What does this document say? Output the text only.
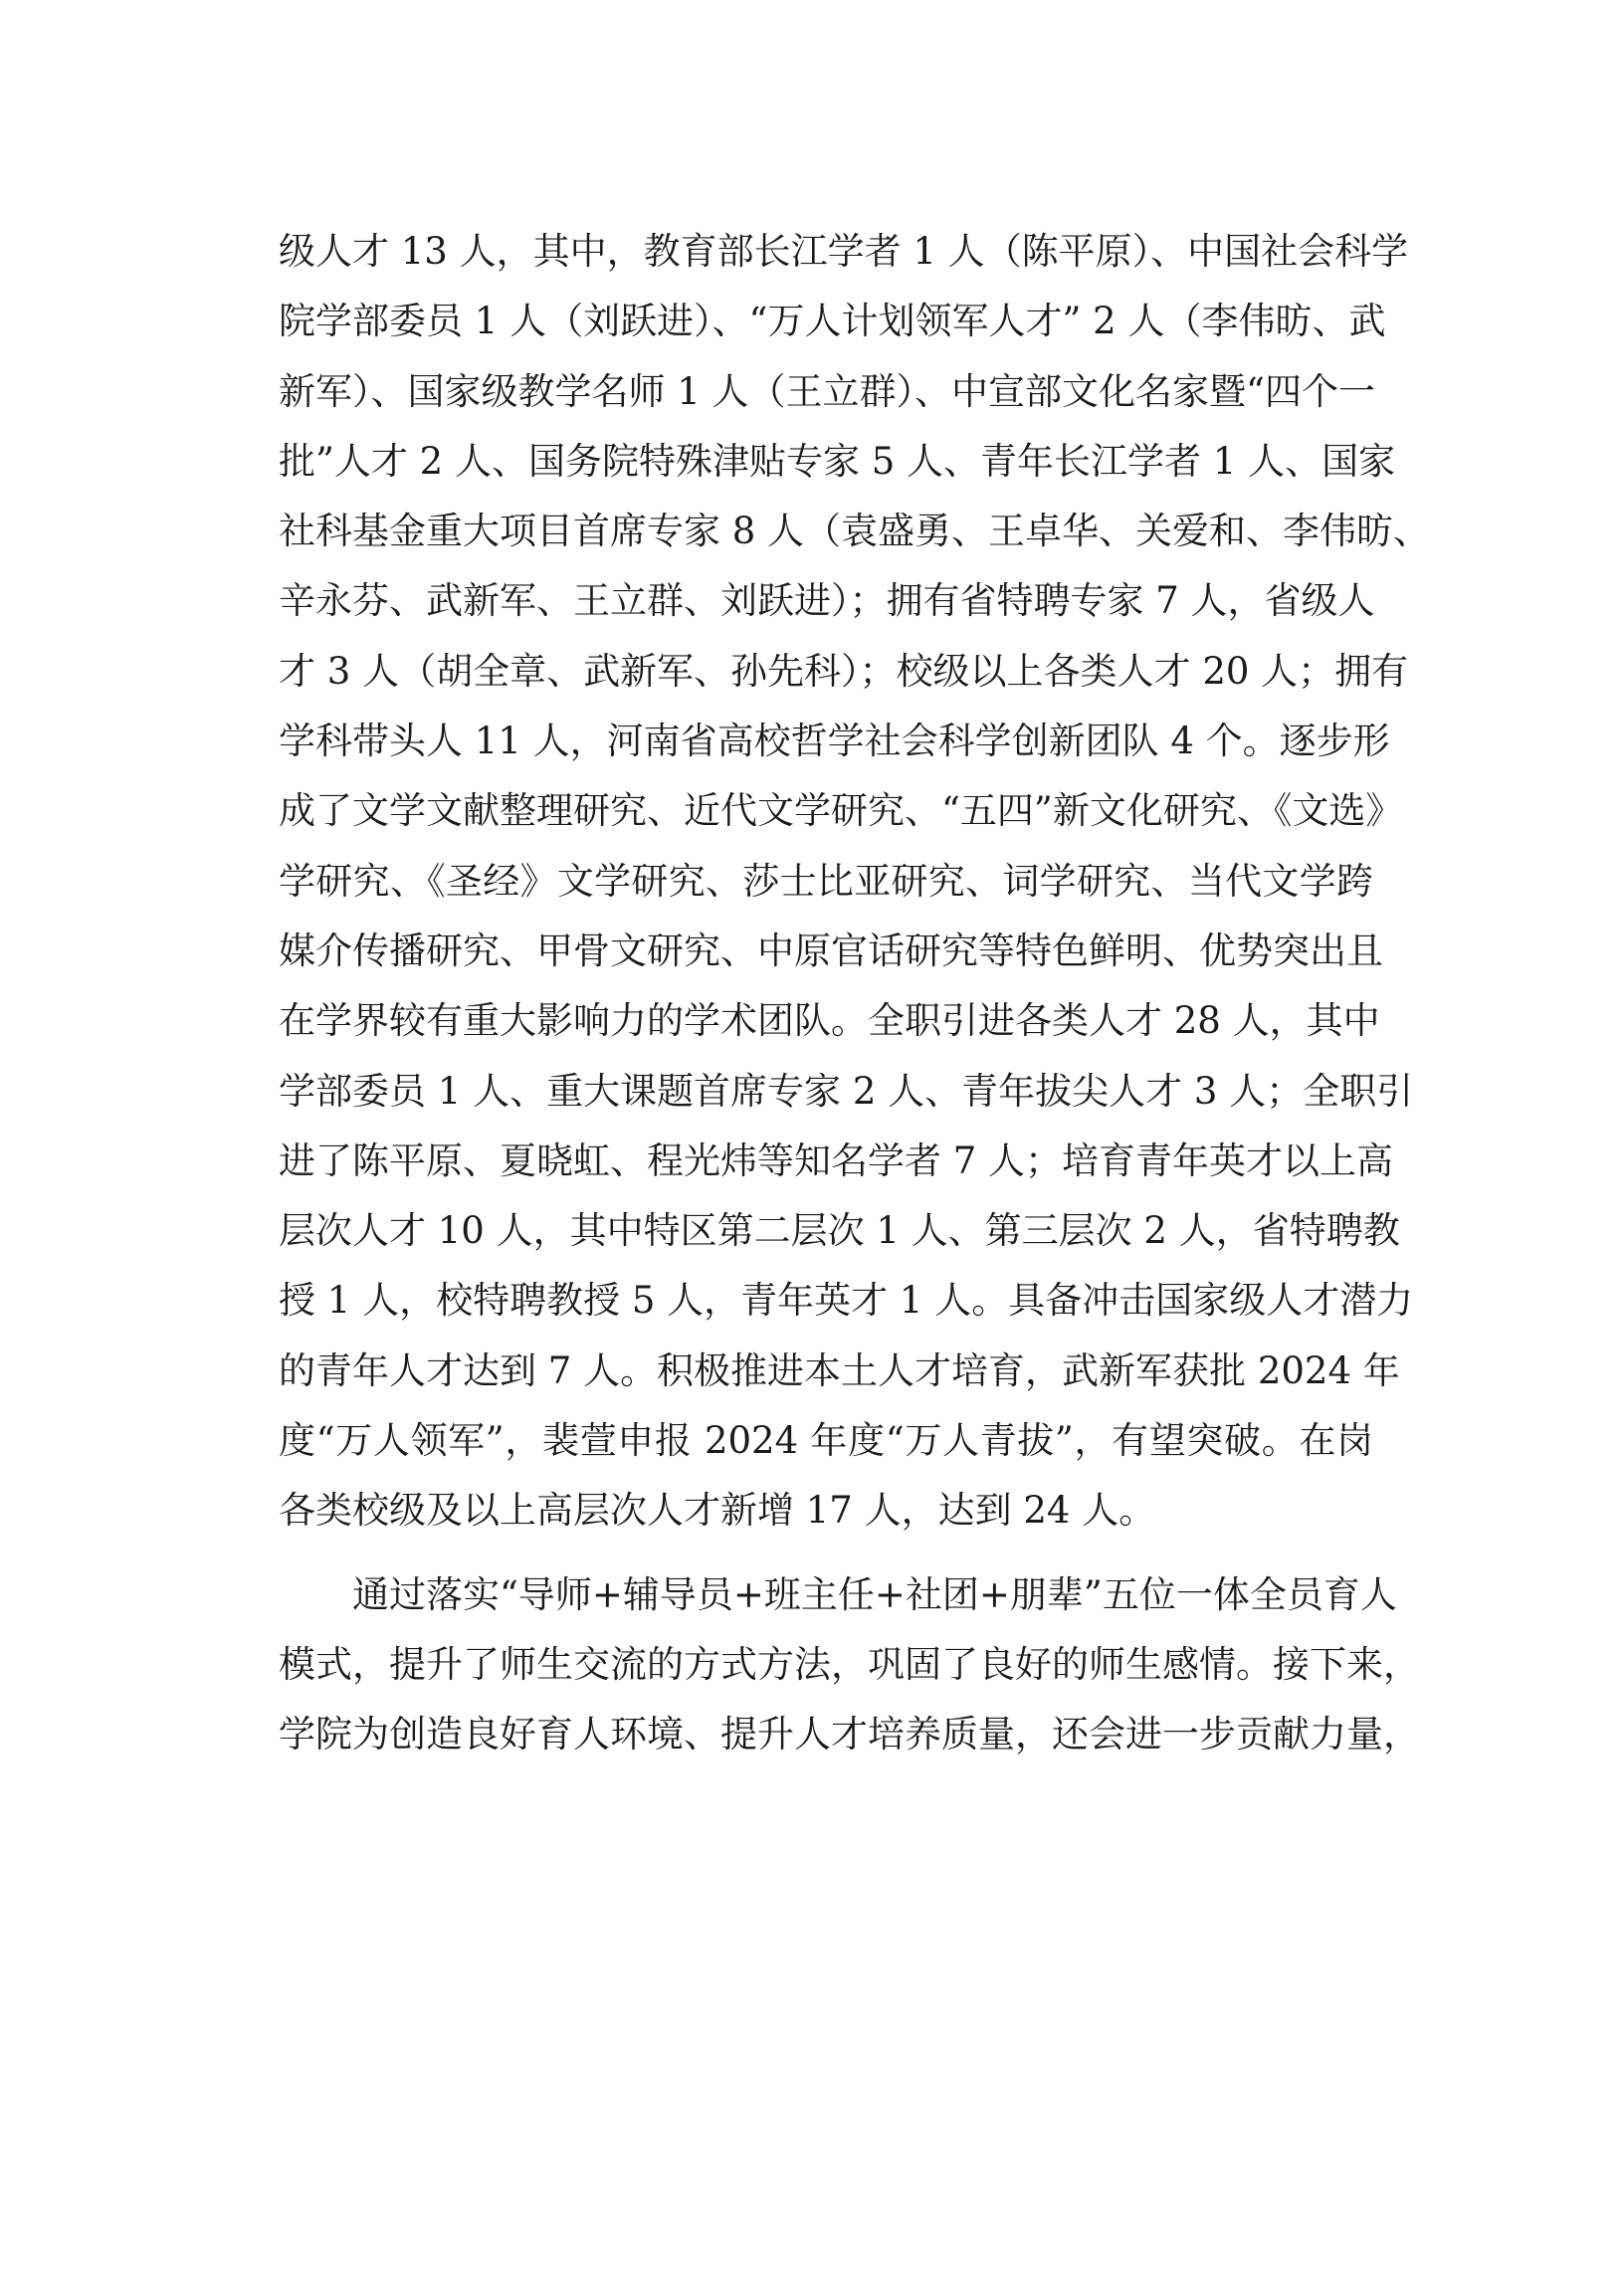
级人才 13 人，其中，教育部长江学者 1 人（陈平原）、中国社会科学
院学部委员 1 人（刘跃进）、“万人计划领军人才” 2 人（李伟昉、武
新军）、国家级教学名师 1 人（王立群）、中宣部文化名家暨“四个一
批”人才 2 人、国务院特殊津贴专家 5 人、青年长江学者 1 人、国家
社科基金重大项目首席专家 8 人（袁盛勇、王卓华、关爱和、李伟昉、
辛永芬、武新军、王立群、刘跃进）；拥有省特聘专家 7 人，省级人
才 3 人（胡全章、武新军、孙先科）；校级以上各类人才 20 人；拥有
学科带头人 11 人，河南省高校哲学社会科学创新团队 4 个。逐步形
成了文学文献整理研究、近代文学研究、“五四”新文化研究、《文选》
学研究、《圣经》文学研究、莎士比亚研究、词学研究、当代文学跨
媒介传播研究、甲骨文研究、中原官话研究等特色鲜明、优势突出且
在学界较有重大影响力的学术团队。全职引进各类人才 28 人，其中
学部委员 1 人、重大课题首席专家 2 人、青年拔尖人才 3 人；全职引
进了陈平原、夏晓虹、程光炜等知名学者 7 人；培育青年英才以上高
层次人才 10 人，其中特区第二层次 1 人、第三层次 2 人，省特聘教
授 1 人，校特聘教授 5 人，青年英才 1 人。具备冲击国家级人才潜力
的青年人才达到 7 人。积极推进本土人才培育，武新军获批 2024 年
度“万人领军”，裴萱申报 2024 年度“万人青拔”，有望突破。在岗
各类校级及以上高层次人才新增 17 人，达到 24 人。
通过落实“导师+辅导员+班主任+社团+朋辈”五位一体全员育人
模式，提升了师生交流的方式方法，巩固了良好的师生感情。接下来，
学院为创造良好育人环境、提升人才培养质量，还会进一步贡献力量，
